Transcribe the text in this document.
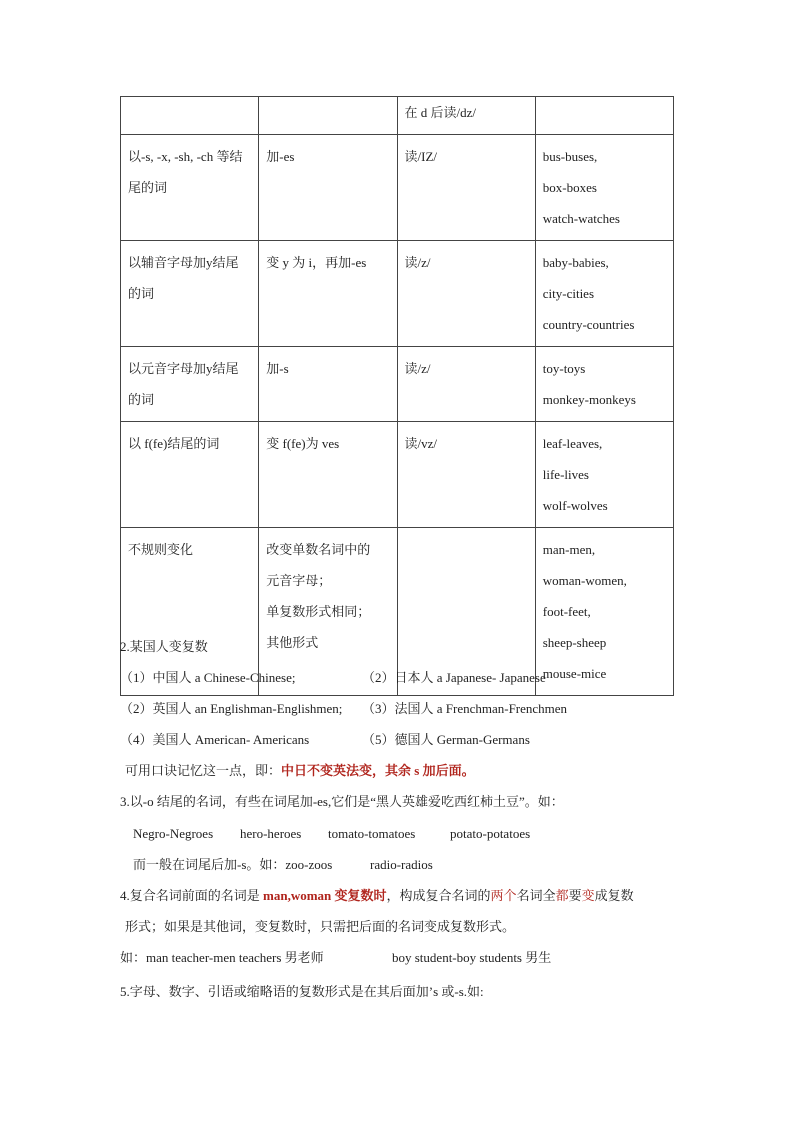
		在 d 后读/dz/	

以-s, -x, -sh, -ch 等结
尾的词	加-es	读/IZ/	bus-buses,
box-boxes
watch-watches

以辅音字母加y结尾
的词	变 y 为 i，再加-es	读/z/	baby-babies,
city-cities
country-countries

以元音字母加y结尾
的词	加-s	读/z/	toy-toys
monkey-monkeys

以 f(fe)结尾的词	变 f(fe)为 ves	读/vz/	leaf-leaves,
life-lives
wolf-wolves

不规则变化	改变单数名词中的
元音字母；
单复数形式相同；
其他形式		man-men,
woman-women,
foot-feet,
sheep-sheep
mouse-mice
2.某国人变复数
（1）中国人 a Chinese-Chinese;	（2）日本人 a Japanese- Japanese
（2）英国人 an Englishman-Englishmen; （3）法国人 a Frenchman-Frenchmen
（4）美国人 American- Americans	（5）德国人 German-Germans
可用口诀记忆这一点，即：中日不变英法变，其余 s 加后面。
3.以-o 结尾的名词，有些在词尾加-es,它们是“黑人英雄爱吃西红柿土豆”。如：
Negro-Negroes hero-heroes tomato-tomatoes	potato-potatoes
而一般在词尾后加-s。如：zoo-zoos	radio-radios
4.复合名词前面的名词是 man,woman 变复数时，构成复合名词的两个名词全都要变成复数
形式；如果是其他词，变复数时，只需把后面的名词变成复数形式。
如：man teacher-men teachers 男老师	boy student-boy students 男生
5.字母、数字、引语或缩略语的复数形式是在其后面加’s 或-s.如:
